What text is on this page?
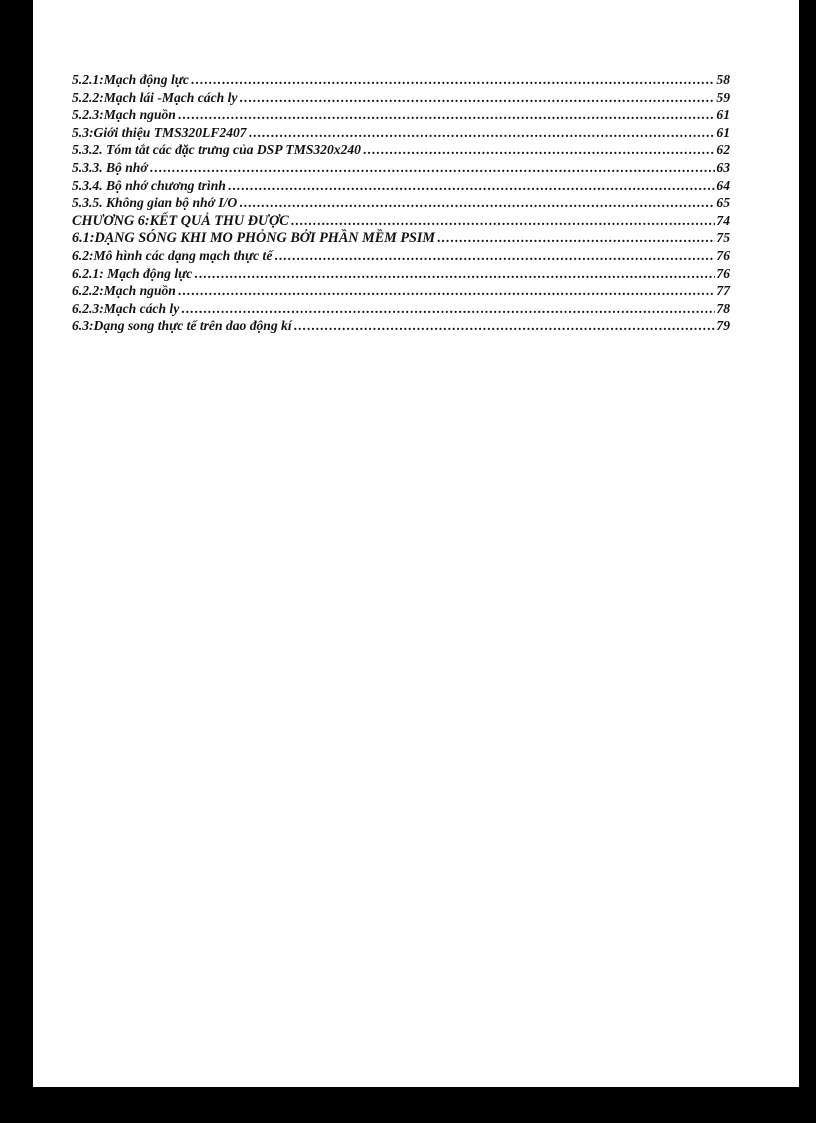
5.2.1:Mạch động lực .....	58
5.2.2:Mạch lái -Mạch cách ly .....	59
5.2.3:Mạch nguồn .....	61
5.3:Giới thiệu TMS320LF2407 .....	61
5.3.2. Tóm tắt các đặc trưng của DSP TMS320x240 .....	62
5.3.3. Bộ nhớ .....	63
5.3.4. Bộ nhớ chương trình .....	64
5.3.5. Không gian bộ nhớ I/O .....	65
CHƯƠNG 6:KẾT QUẢ THU ĐƯỢC .....	74
6.1:DẠNG SÓNG KHI MO PHỎNG BỞI PHẦN MỀM PSIM .....	75
6.2:Mô hình các dạng mạch thực tế .....	76
6.2.1: Mạch động lực .....	76
6.2.2:Mạch nguồn .....	77
6.2.3:Mạch cách ly .....	78
6.3:Dạng song thực tế trên dao động kí .....	79
